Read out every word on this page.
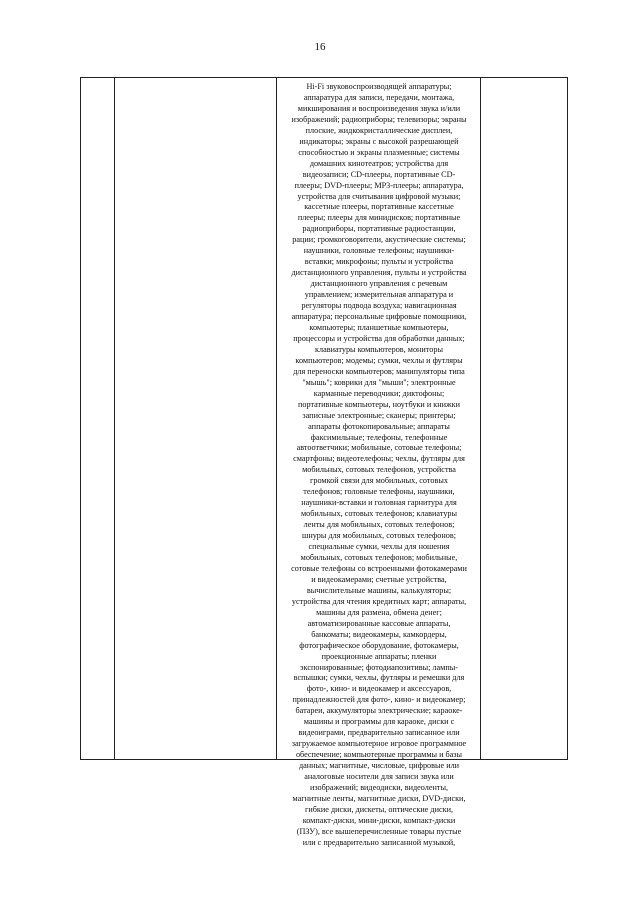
16
Hi-Fi звуковоспроизводящей аппаратуры;
аппаратура для записи, передачи, монтажа,
микширования и воспроизведения звука и/или
изображений; радиоприборы; телевизоры; экраны
плоские, жидкокристаллические дисплеи,
индикаторы; экраны с высокой разрешающей
способностью и экраны плазменные; системы
домашних кинотеатров; устройства для
видеозаписи; CD-плееры, портативные CD-
плееры; DVD-плееры; MP3-плееры; аппаратура,
устройства для считывания цифровой музыки;
кассетные плееры, портативные кассетные
плееры; плееры для минидисков; портативные
радиоприборы, портативные радиостанции,
рации; громкоговорители, акустические системы;
наушники, головные телефоны; наушники-
вставки; микрофоны; пульты и устройства
дистанционного управления, пульты и устройства
дистанционного управления с речевым
управлением; измерительная аппаратура и
регуляторы подвода воздуха; навигационная
аппаратура; персональные цифровые помощники,
компьютеры; планшетные компьютеры,
процессоры и устройства для обработки данных;
клавиатуры компьютеров, мониторы
компьютеров; модемы; сумки, чехлы и футляры
для переноски компьютеров; манипуляторы типа
"мышь"; коврики для "мыши"; электронные
карманные переводчики; диктофоны;
портативные компьютеры, ноутбуки и книжки
записные электронные; сканеры; принтеры;
аппараты фотокопировальные; аппараты
факсимильные; телефоны, телефонные
автоответчики; мобильные, сотовые телефоны;
смартфоны; видеотелефоны; чехлы, футляры для
мобильных, сотовых телефонов, устройства
громкой связи для мобильных, сотовых
телефонов; головные телефоны, наушники,
наушники-вставки и головная гарнитура для
мобильных, сотовых телефонов; клавиатуры
ленты для мобильных, сотовых телефонов;
шнуры для мобильных, сотовых телефонов;
специальные сумки, чехлы для ношения
мобильных, сотовых телефонов; мобильные,
сотовые телефоны со встроенными фотокамерами
и видеокамерами; счетные устройства,
вычислительные машины, калькуляторы;
устройства для чтения кредитных карт; аппараты,
машины для размена, обмена денег;
автоматизированные кассовые аппараты,
банкоматы; видеокамеры, камкордеры,
фотографическое оборудование, фотокамеры,
проекционные аппараты; пленки
экспонированные; фотодиапозитивы; лампы-
вспышки; сумки, чехлы, футляры и ремешки для
фото-, кино- и видеокамер и аксессуаров,
принадлежностей для фото-, кино- и видеокамер;
батареи, аккумуляторы электрические; караоке-
машины и программы для караоке, диски с
видеоиграми, предварительно записанное или
загружаемое компьютерное игровое программное
обеспечение; компьютерные программы и базы
данных; магнитные, числовые, цифровые или
аналоговые носители для записи звука или
изображений; видеодиски, видеоленты,
магнитные ленты, магнитные диски, DVD-диски,
гибкие диски, дискеты, оптические диски,
компакт-диски, мини-диски, компакт-диски
(ПЗУ), все вышеперечисленные товары пустые
или с предварительно записанной музыкой,
